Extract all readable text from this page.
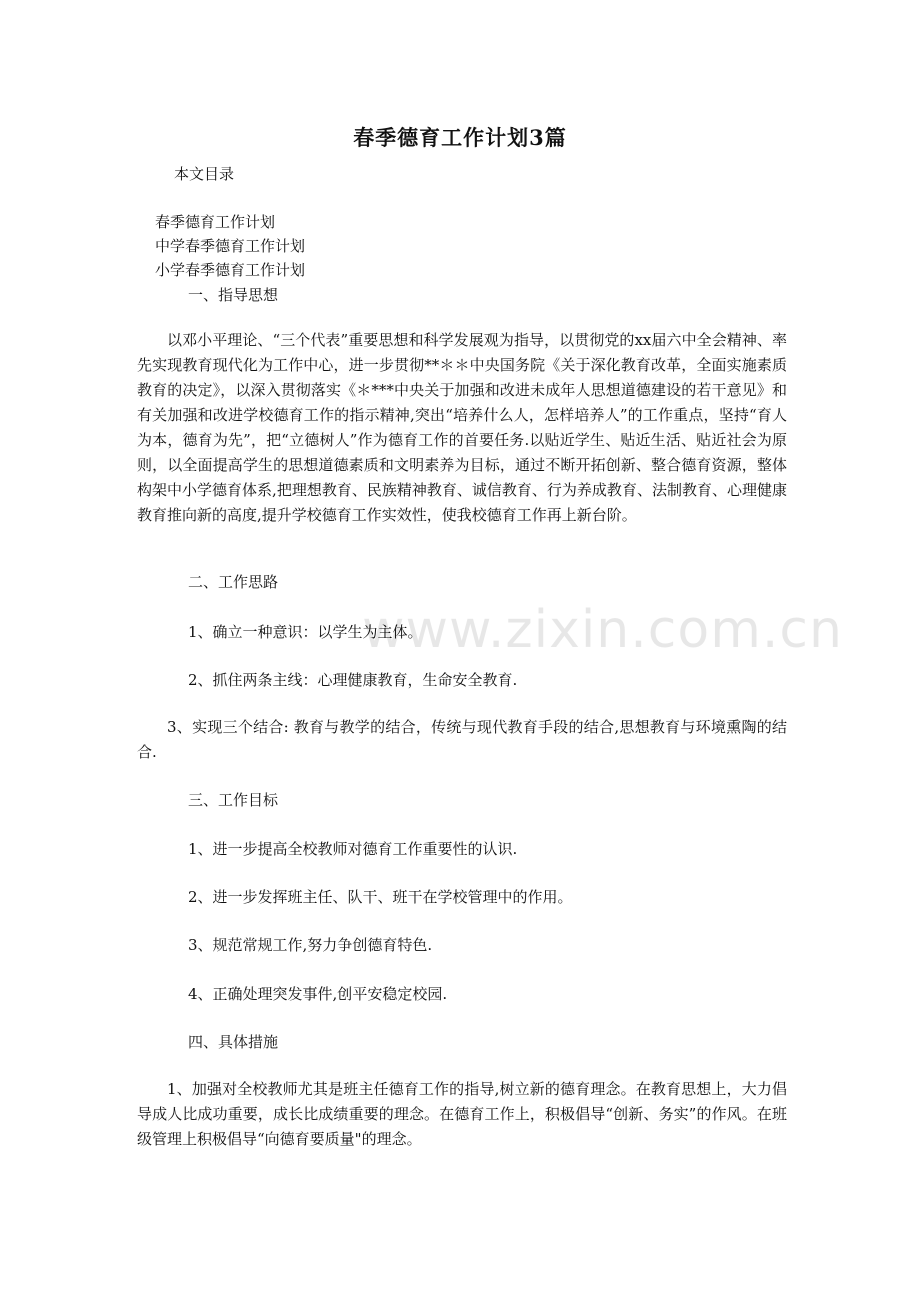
www.zixin.com.cn
春季德育工作计划3篇
本文目录
春季德育工作计划
中学春季德育工作计划
小学春季德育工作计划
一、指导思想
以邓小平理论、“三个代表”重要思想和科学发展观为指导，以贯彻党的xx届六中全会精神、率先实现教育现代化为工作中心，进一步贯彻**＊＊中央国务院《关于深化教育改革，全面实施素质教育的决定》，以深入贯彻落实《＊***中央关于加强和改进未成年人思想道德建设的若干意见》和有关加强和改进学校德育工作的指示精神,突出“培养什么人，怎样培养人”的工作重点，坚持“育人为本，德育为先”，把“立德树人”作为德育工作的首要任务.以贴近学生、贴近生活、贴近社会为原则，以全面提高学生的思想道德素质和文明素养为目标，通过不断开拓创新、整合德育资源，整体构架中小学德育体系,把理想教育、民族精神教育、诚信教育、行为养成教育、法制教育、心理健康教育推向新的高度,提升学校德育工作实效性，使我校德育工作再上新台阶。
二、工作思路
1、确立一种意识：以学生为主体。
2、抓住两条主线：心理健康教育，生命安全教育.
3、实现三个结合: 教育与教学的结合，传统与现代教育手段的结合,思想教育与环境熏陶的结合.
三、工作目标
1、进一步提高全校教师对德育工作重要性的认识.
2、进一步发挥班主任、队干、班干在学校管理中的作用。
3、规范常规工作,努力争创德育特色.
4、正确处理突发事件,创平安稳定校园.
四、具体措施
1、加强对全校教师尤其是班主任德育工作的指导,树立新的德育理念。在教育思想上，大力倡导成人比成功重要，成长比成绩重要的理念。在德育工作上，积极倡导“创新、务实”的作风。在班级管理上积极倡导“向德育要质量"的理念。
